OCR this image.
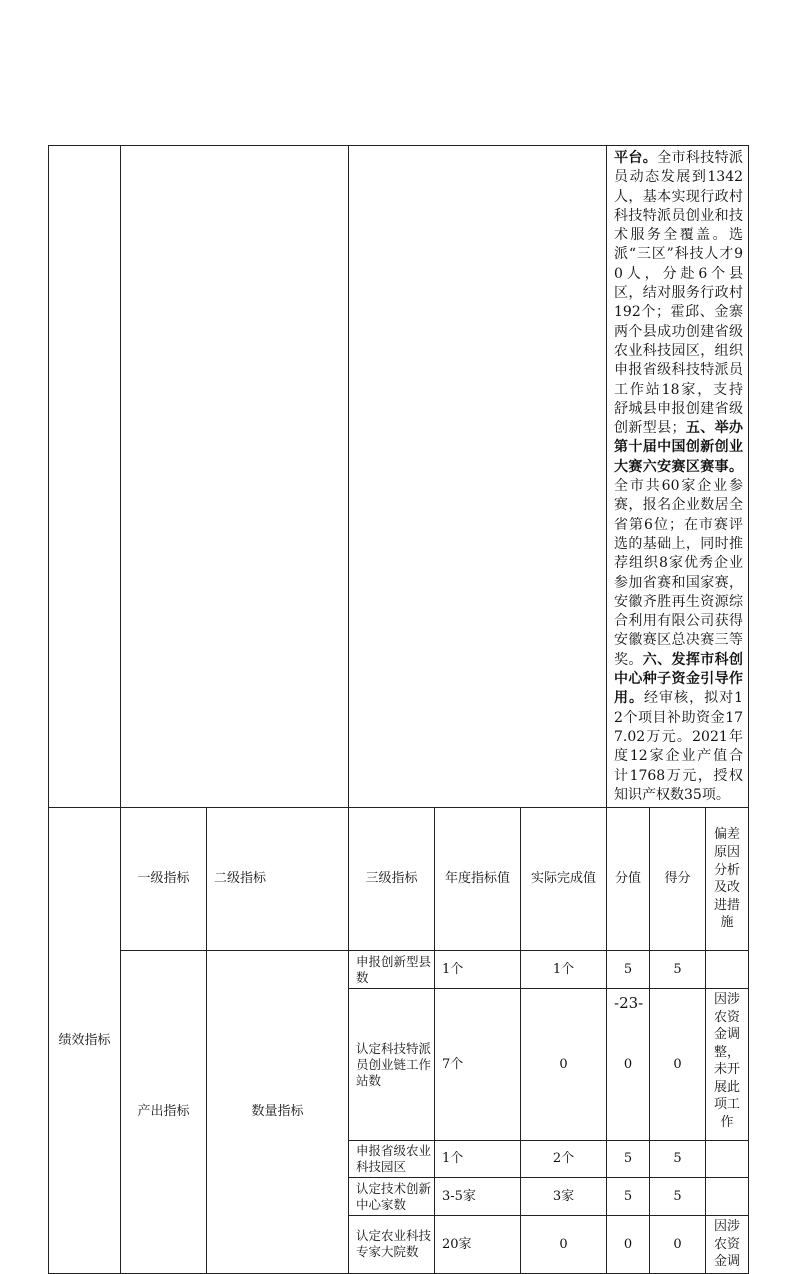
						平台。全市科技特派员动态发展到1342人，基本实现行政村科技特派员创业和技术服务全覆盖。选派“三区”科技人才90人，分赴6个县区，结对服务行政村192个；霍邱、金寨两个县成功创建省级农业科技园区，组织申报省级科技特派员工作站18家，支持舒城县申报创建省级创新型县；五、举办第十届中国创新创业大赛六安赛区赛事。全市共60家企业参赛，报名企业数居全省第6位；在市赛评选的基础上，同时推荐组织8家优秀企业参加省赛和国家赛，安徽齐胜再生资源综合利用有限公司获得安徽赛区总决赛三等奖。六、发挥市科创中心种子资金引导作用。经审核，拟对12个项目补助资金177.02万元。2021年度12家企业产值合计1768万元，授权知识产权数35项。		
绩效指标	一级指标	二级指标	三级指标	年度指标值	实际完成值	分值	得分	偏差原因分析及改进措施
	产出指标	数量指标	申报创新型县数	1个	1个	5	5	
			认定科技特派员创业链工作站数	7个	0	0	0	因涉农资金调整，未开展此项工作
			申报省级农业科技园区	1个	2个	5	5	
			认定技术创新中心家数	3-5家	3家	5	5	
			认定农业科技专家大院数	20家	0	0	0	因涉农资金调
-23-
